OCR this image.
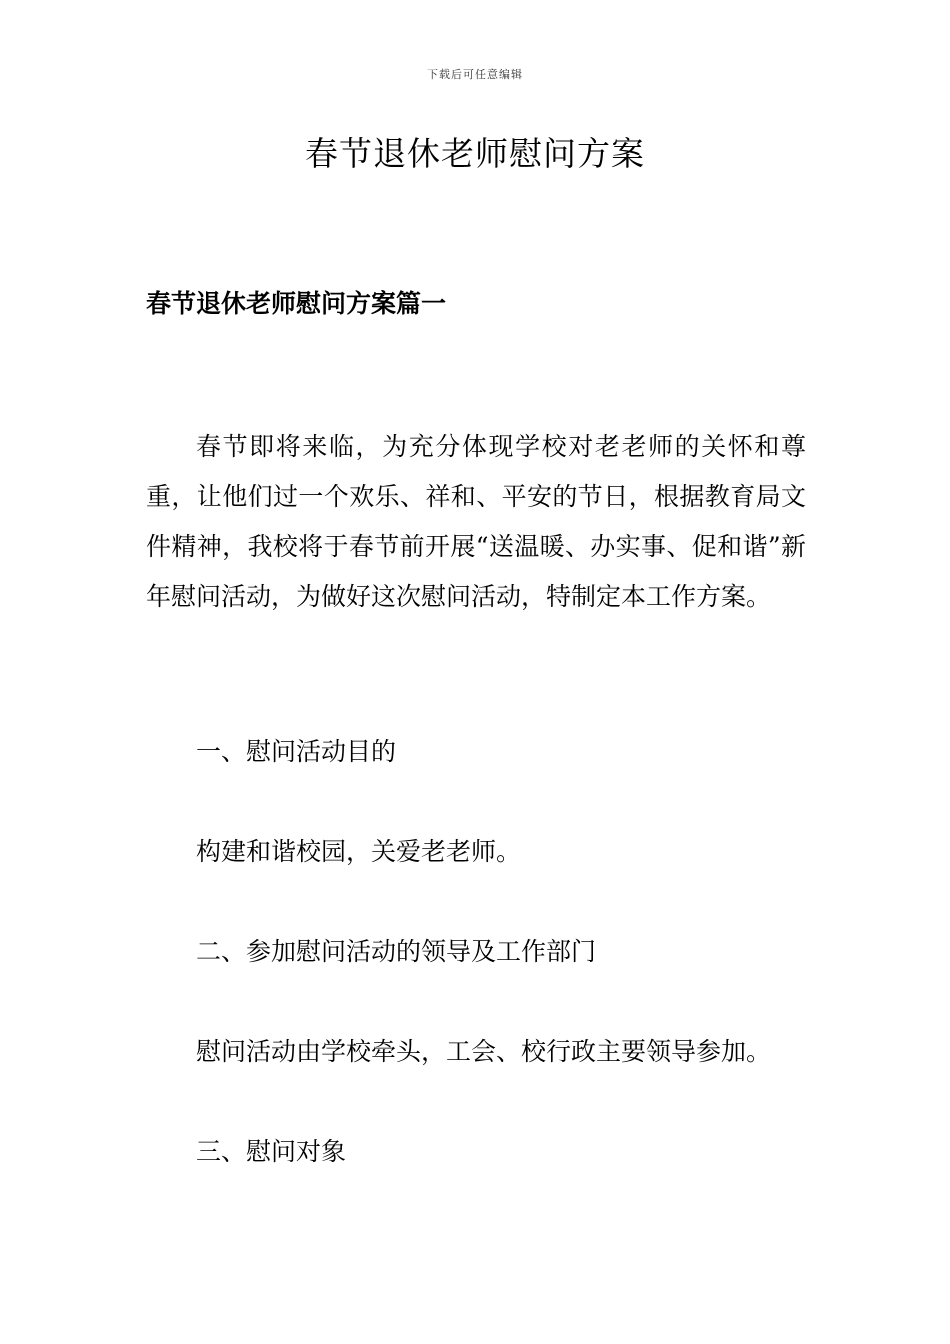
下载后可任意编辑
春节退休老师慰问方案
春节退休老师慰问方案篇一

春节即将来临，为充分体现学校对老老师的关怀和尊重，让他们过一个欢乐、祥和、平安的节日，根据教育局文件精神，我校将于春节前开展“送温暖、办实事、促和谐”新年慰问活动，为做好这次慰问活动，特制定本工作方案。

一、慰问活动目的

构建和谐校园，关爱老老师。

二、参加慰问活动的领导及工作部门

慰问活动由学校牵头，工会、校行政主要领导参加。

三、慰问对象
